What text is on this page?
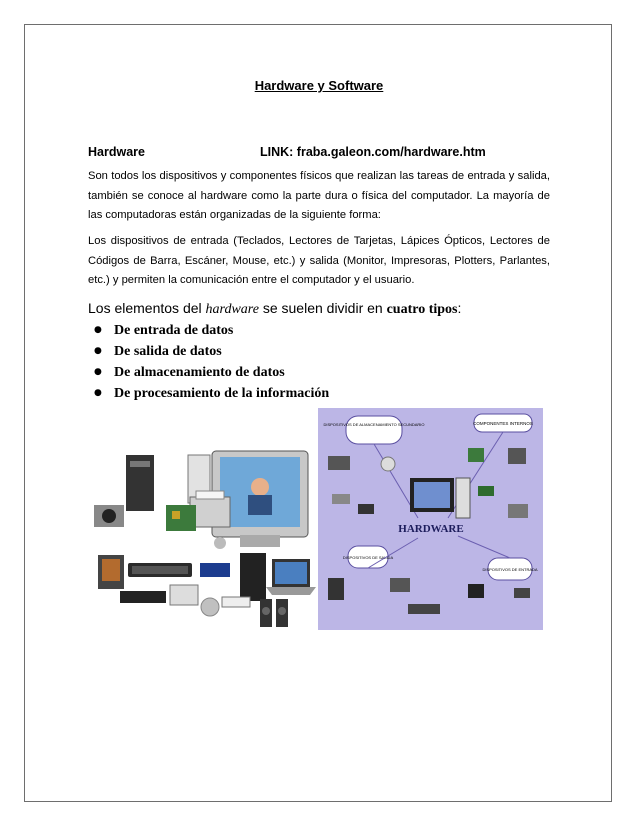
Hardware y Software
Hardware	LINK: fraba.galeon.com/hardware.htm
Son todos los dispositivos y componentes físicos que realizan las tareas de entrada y salida, también se conoce al hardware como la parte dura o física del computador. La mayoría de las computadoras están organizadas de la siguiente forma:
Los dispositivos de entrada (Teclados, Lectores de Tarjetas, Lápices Ópticos, Lectores de Códigos de Barra, Escáner, Mouse, etc.) y salida (Monitor, Impresoras, Plotters, Parlantes, etc.) y permiten la comunicación entre el computador y el usuario.
Los elementos del hardware se suelen dividir en cuatro tipos:
● De entrada de datos
● De salida de datos
● De almacenamiento de datos
● De procesamiento de la información
DISPOSITIVOS DE ALMACENAMIENTO SECUNDARIO	COMPONENTES INTERNOS
DISPOSITIVOS DE SALIDA
DISPOSITIVOS DE ENTRADA
HARDWARE
